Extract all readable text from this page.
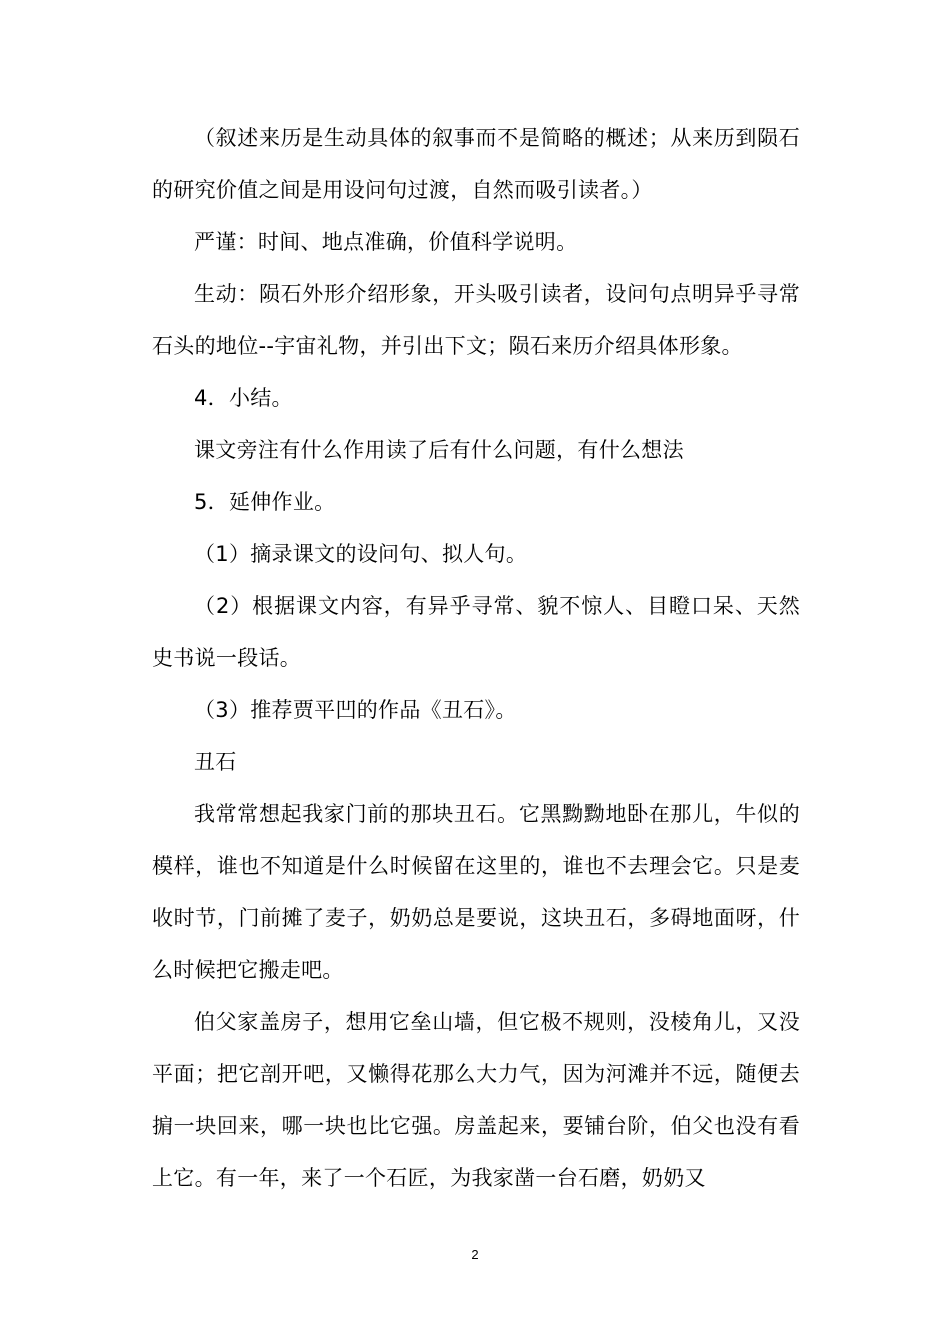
（叙述来历是生动具体的叙事而不是简略的概述；从来历到陨石的研究价值之间是用设问句过渡，自然而吸引读者。）

严谨：时间、地点准确，价值科学说明。

生动：陨石外形介绍形象，开头吸引读者，设问句点明异乎寻常石头的地位--宇宙礼物，并引出下文；陨石来历介绍具体形象。

4．小结。

课文旁注有什么作用读了后有什么问题，有什么想法

5．延伸作业。

（1）摘录课文的设问句、拟人句。

（2）根据课文内容，有异乎寻常、貌不惊人、目瞪口呆、天然史书说一段话。

（3）推荐贾平凹的作品《丑石》。

丑石

我常常想起我家门前的那块丑石。它黑黝黝地卧在那儿，牛似的模样，谁也不知道是什么时候留在这里的，谁也不去理会它。只是麦收时节，门前摊了麦子，奶奶总是要说，这块丑石，多碍地面呀，什么时候把它搬走吧。

伯父家盖房子，想用它垒山墙，但它极不规则，没棱角儿，又没平面；把它剖开吧，又懒得花那么大力气，因为河滩并不远，随便去掮一块回来，哪一块也比它强。房盖起来，要铺台阶，伯父也没有看上它。有一年，来了一个石匠，为我家凿一台石磨，奶奶又

2
